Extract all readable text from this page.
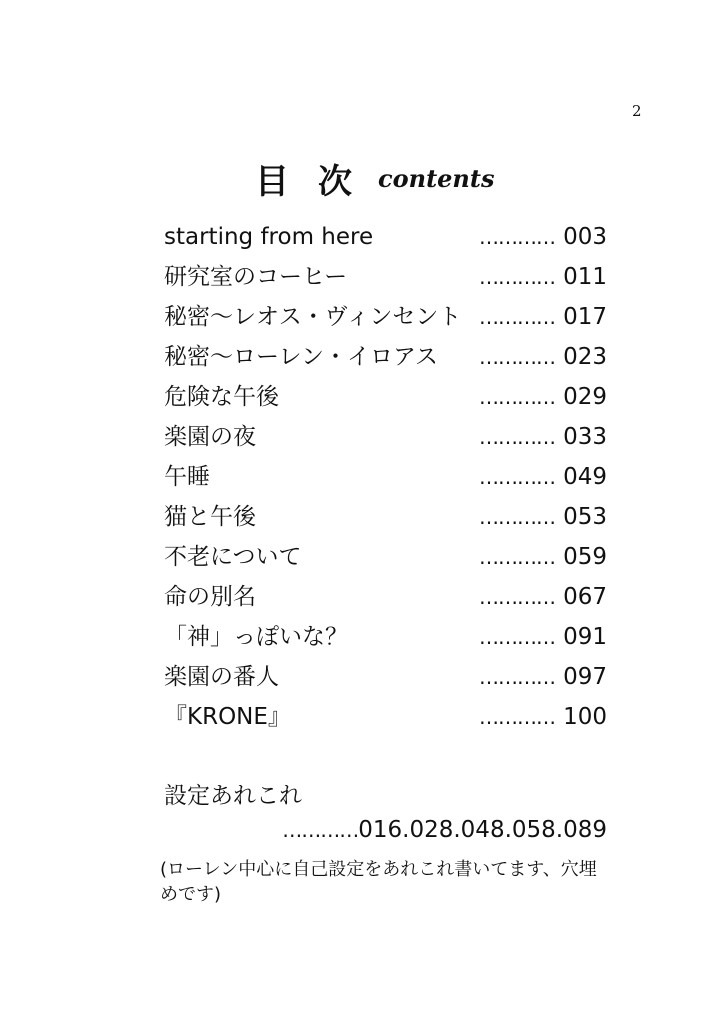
2
目 次 contents
starting from here	………… 003
研究室のコーヒー	………… 011
秘密～レオス・ヴィンセント ………… 017
秘密～ローレン・イロアス ………… 023
危険な午後	………… 029
楽園の夜	………… 033
午睡	………… 049
猫と午後	………… 053
不老について	………… 059
命の別名	………… 067
「神」っぽいな？	………… 091
楽園の番人	………… 097
『KRONE』	………… 100
設定あれこれ
…………016.028.048.058.089
(ローレン中心に自己設定をあれこれ書いてます、穴埋めです)
